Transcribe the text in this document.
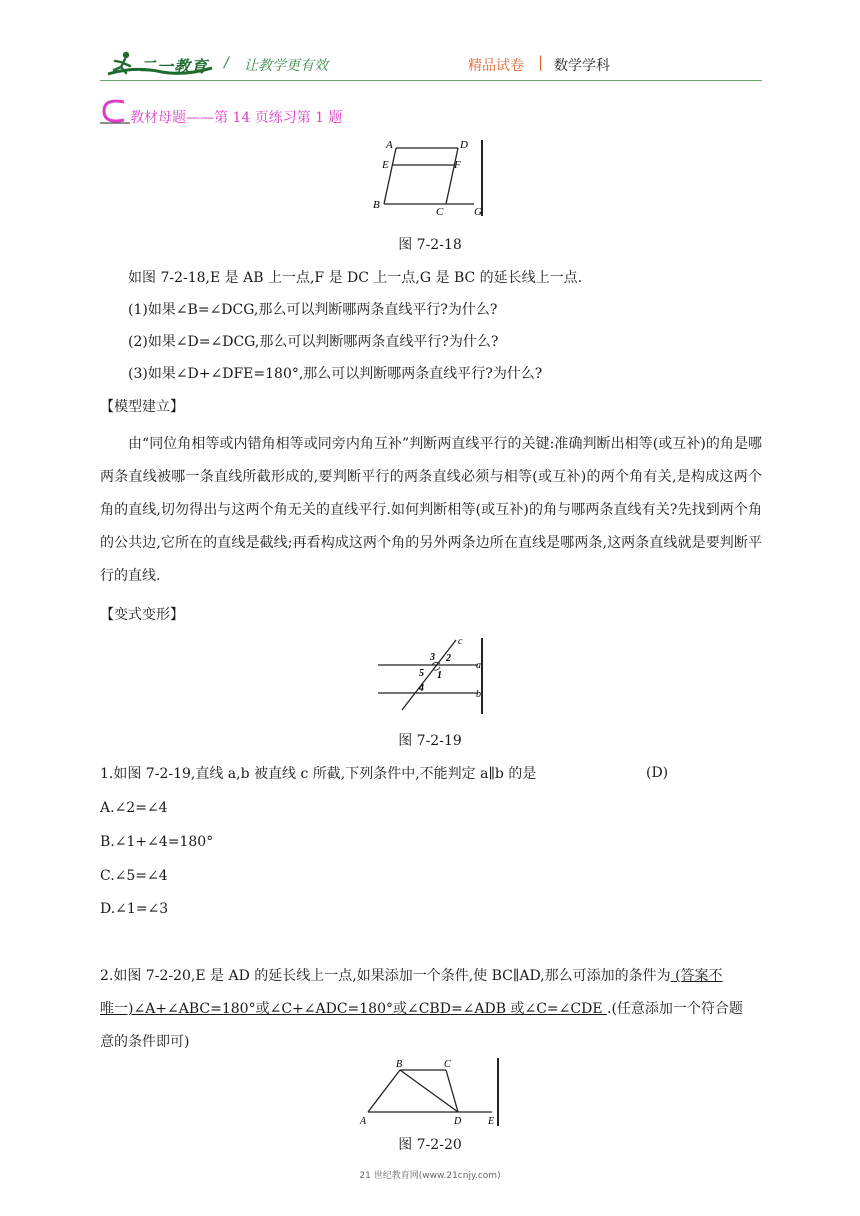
二一教育 / 让教学更有效	精品试卷 | 数学学科
教材母题——第 14 页练习第 1 题
A	D
E	F
B
C	G
图 7-2-18
如图 7-2-18,E 是 AB 上一点,F 是 DC 上一点,G 是 BC 的延长线上一点.
(1)如果∠B=∠DCG,那么可以判断哪两条直线平行?为什么?
(2)如果∠D=∠DCG,那么可以判断哪两条直线平行?为什么?
(3)如果∠D+∠DFE=180°,那么可以判断哪两条直线平行?为什么?
【模型建立】
由“同位角相等或内错角相等或同旁内角互补”判断两直线平行的关键:准确判断出相等(或互补)的角是哪两条直线被哪一条直线所截形成的,要判断平行的两条直线必须与相等(或互补)的两个角有关,是构成这两个角的直线,切勿得出与这两个角无关的直线平行.如何判断相等(或互补)的角与哪两条直线有关?先找到两个角的公共边,它所在的直线是截线;再看构成这两个角的另外两条边所在直线是哪两条,这两条直线就是要判断平行的直线.
【变式变形】
c
a
b
3 2
5 1
4
图 7-2-19
1.如图 7-2-19,直线 a,b 被直线 c 所截,下列条件中,不能判定 a∥b 的是	(D)
A.∠2=∠4
B.∠1+∠4=180°
C.∠5=∠4
D.∠1=∠3
2.如图 7-2-20,E 是 AD 的延长线上一点,如果添加一个条件,使 BC∥AD,那么可添加的条件为 (答案不
唯一)∠A+∠ABC=180°或∠C+∠ADC=180°或∠CBD=∠ADB 或∠C=∠CDE .(任意添加一个符合题
意的条件即可)
A
B	C
D	E
图 7-2-20
21 世纪教育网(www.21cnjy.com)
